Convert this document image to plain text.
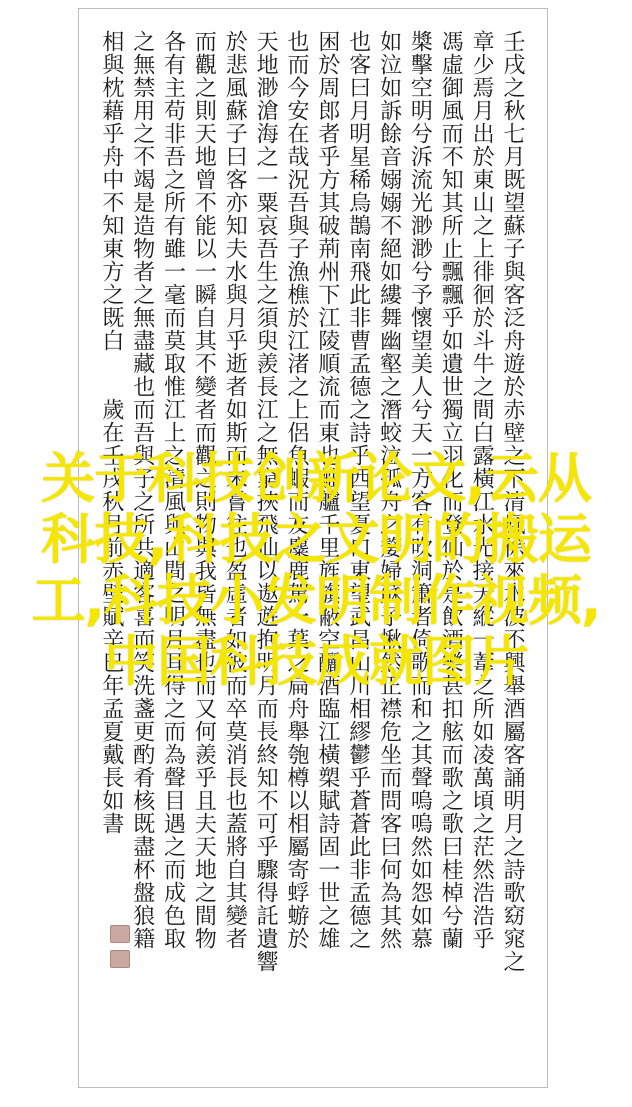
壬戌之秋七月既望蘇子與客泛舟遊於赤壁之下清風徐來水波不興舉酒屬客誦明月之詩歌窈窕之
章少焉月出於東山之上徘徊於斗牛之間白露橫江水光接天縱一葦之所如凌萬頃之茫然浩浩乎
馮虛御風而不知其所止飄飄乎如遺世獨立羽化而登仙於是飲酒樂甚扣舷而歌之歌曰桂棹兮蘭
槳擊空明兮泝流光渺渺兮予懷望美人兮天一方客有吹洞簫者倚歌而和之其聲嗚嗚然如怨如慕
如泣如訴餘音嫋嫋不絕如縷舞幽壑之潛蛟泣孤舟之嫠婦蘇子愀然正襟危坐而問客曰何為其然
也客曰月明星稀烏鵲南飛此非曹孟德之詩乎西望夏口東望武昌山川相繆鬱乎蒼蒼此非孟德之
困於周郎者乎方其破荊州下江陵順流而東也舳艫千里旌旗蔽空釃酒臨江橫槊賦詩固一世之雄
也而今安在哉況吾與子漁樵於江渚之上侶魚蝦而友麋鹿駕一葉之扁舟舉匏樽以相屬寄蜉蝣於
天地渺滄海之一粟哀吾生之須臾羨長江之無窮挾飛仙以遨遊抱明月而長終知不可乎驟得託遺響
於悲風蘇子曰客亦知夫水與月乎逝者如斯而未嘗往也盈虛者如彼而卒莫消長也蓋將自其變者
而觀之則天地曾不能以一瞬自其不變者而觀之則物與我皆無盡也而又何羨乎且夫天地之間物
各有主苟非吾之所有雖一毫而莫取惟江上之清風與山間之明月耳得之而為聲目遇之而成色取
之無禁用之不竭是造物者之無盡藏也而吾與子之所共適客喜而笑洗盞更酌肴核既盡杯盤狼籍
相與枕藉乎舟中不知東方之既白　　歲在壬戌秋月前赤壁賦辛巳年孟夏戴長如書
关于科技创新论文,云从科技,科技之文明的搬运工,科技小发明制作视频,中国科技成就图片
